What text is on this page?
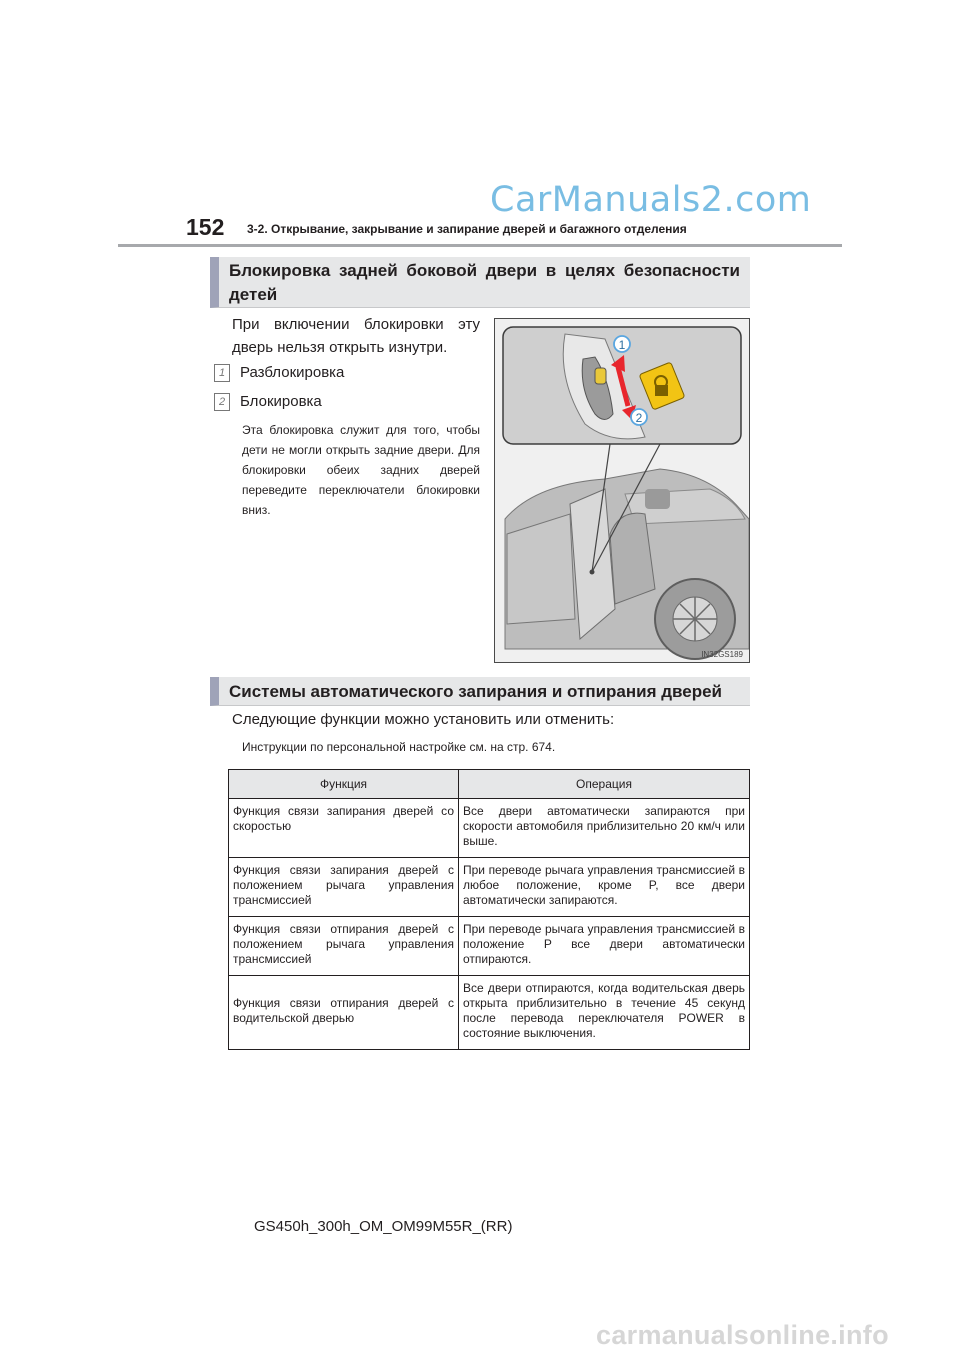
CarManuals2.com
152 3-2. Открывание, закрывание и запирание дверей и багажного отделения
Блокировка задней боковой двери в целях безопасности детей
При включении блокировки эту дверь нельзя открыть изнутри.
1 Разблокировка
2 Блокировка
Эта блокировка служит для того, чтобы дети не могли открыть задние двери. Для блокировки обеих задних дверей переведите переключатели блокировки вниз.
1
2
IN32GS189
Системы автоматического запирания и отпирания дверей
Следующие функции можно установить или отменить:
Инструкции по персональной настройке см. на стр. 674.
Функция	Операция
Функция связи запирания дверей со скоростью	Все двери автоматически запираются при скорости автомобиля приблизительно 20 км/ч или выше.
Функция связи запирания дверей с положением рычага управления трансмиссией	При переводе рычага управления трансмиссией в любое положение, кроме P, все двери автоматически запираются.
Функция связи отпирания дверей с положением рычага управления трансмиссией	При переводе рычага управления трансмиссией в положение P все двери автоматически отпираются.
Функция связи отпирания дверей с водительской дверью	Все двери отпираются, когда водительская дверь открыта приблизительно в течение 45 секунд после перевода переключателя POWER в состояние выключения.
GS450h_300h_OM_OM99M55R_(RR)
carmanualsonline.info
